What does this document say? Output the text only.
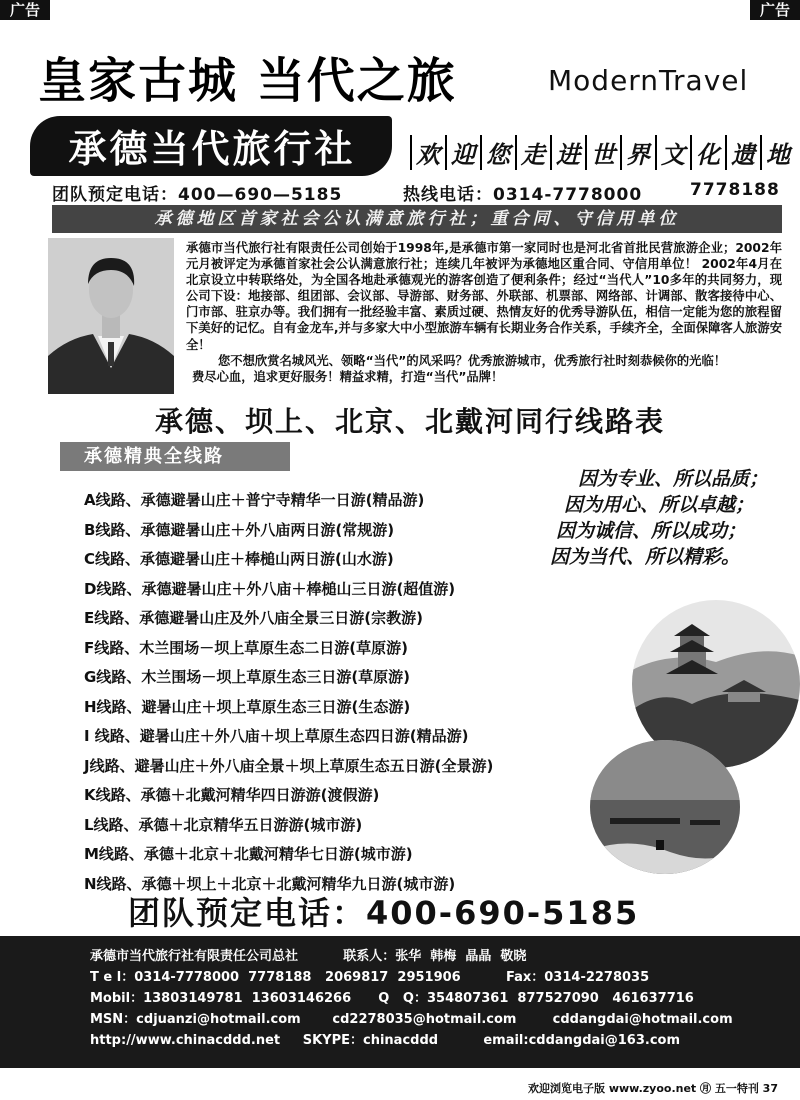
广告	广告
皇家古城 当代之旅	ModernTravel
承德当代旅行社	欢 迎 您 走 进 世 界 文 化 遗 地
团队预定电话：400—690—5185	热线电话：0314-7778000	7778188
承德地区首家社会公认满意旅行社；重合同、守信用单位
承德市当代旅行社有限责任公司创始于1998年,是承德市第一家同时也是河北省首批民营旅游企业；2002年元月被评定为承德首家社会公认满意旅行社；连续几年被评为承德地区重合同、守信用单位！ 2002年4月在北京设立中转联络处，为全国各地赴承德观光的游客创造了便利条件；经过“当代人”10多年的共同努力，现公司下设：地接部、组团部、会议部、导游部、财务部、外联部、机票部、网络部、计调部、散客接待中心、门市部、驻京办等。我们拥有一批经验丰富、素质过硬、热情友好的优秀导游队伍，相信一定能为您的旅程留下美好的记忆。自有金龙车,并与多家大中小型旅游车辆有长期业务合作关系，手续齐全，全面保障客人旅游安全！
您不想欣赏名城风光、领略“当代”的风采吗？优秀旅游城市，优秀旅行社时刻恭候你的光临！
费尽心血，追求更好服务！精益求精，打造“当代”品牌！
承德、坝上、北京、北戴河同行线路表
承德精典全线路
A线路、承德避暑山庄＋普宁寺精华一日游(精品游)
B线路、承德避暑山庄＋外八庙两日游(常规游)
C线路、承德避暑山庄＋棒槌山两日游(山水游)
D线路、承德避暑山庄＋外八庙＋棒槌山三日游(超值游)
E线路、承德避暑山庄及外八庙全景三日游(宗教游)
F线路、木兰围场－坝上草原生态二日游(草原游)
G线路、木兰围场－坝上草原生态三日游(草原游)
H线路、避暑山庄＋坝上草原生态三日游(生态游)
I 线路、避暑山庄＋外八庙＋坝上草原生态四日游(精品游)
J线路、避暑山庄＋外八庙全景＋坝上草原生态五日游(全景游)
K线路、承德＋北戴河精华四日游游(渡假游)
L线路、承德＋北京精华五日游游(城市游)
M线路、承德＋北京＋北戴河精华七日游(城市游)
N线路、承德＋坝上＋北京＋北戴河精华九日游(城市游)
因为专业、所以品质；
因为用心、所以卓越；
因为诚信、所以成功；
因为当代、所以精彩。
团队预定电话：400-690-5185
承德市当代旅行社有限责任公司总社          联系人：张华  韩梅  晶晶  敬晓
T e l：0314-7778000  7778188   2069817  2951906          Fax：0314-2278035
Mobil：13803149781  13603146266      Q   Q：354807361  877527090   461637716
MSN：cdjuanzi@hotmail.com       cd2278035@hotmail.com        cddangdai@hotmail.com
http://www.chinacddd.net     SKYPE：chinacddd          email:cddangdai@163.com
欢迎浏览电子版 www.zyoo.net ㊊ 五一特刊 37
